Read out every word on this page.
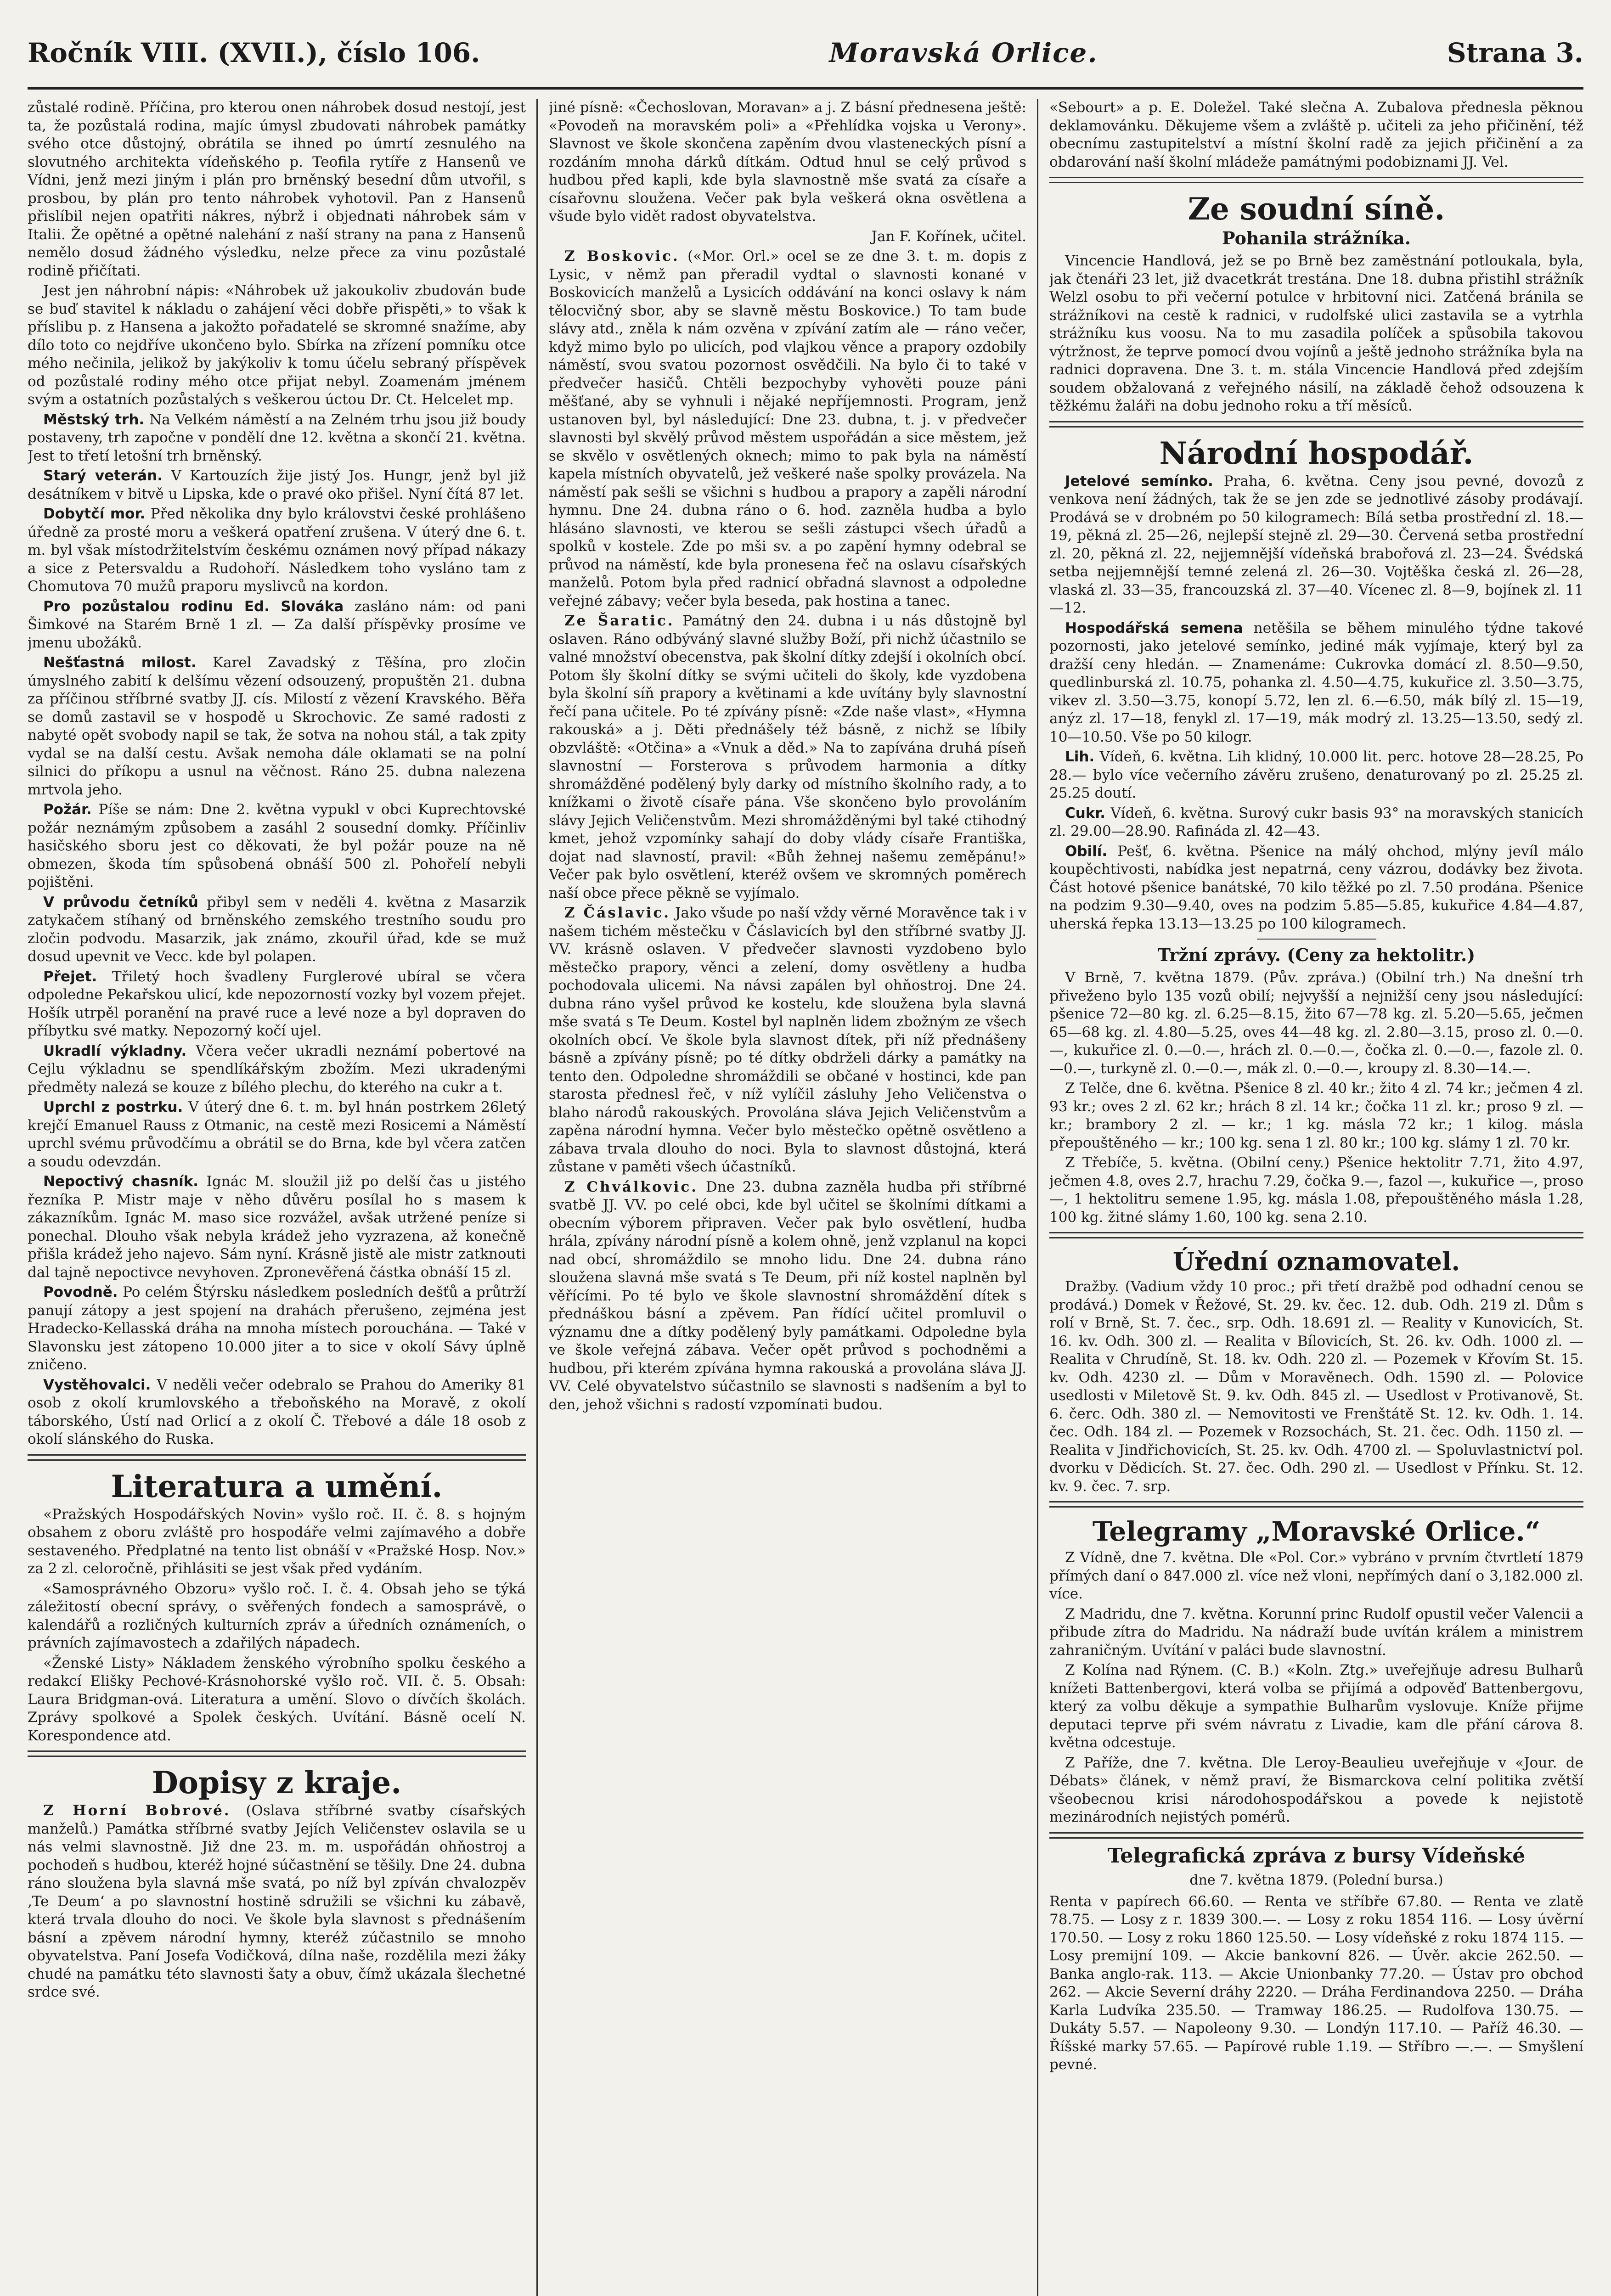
Ročník VIII. (XVII.), číslo 106.	Moravská Orlice.	Strana 3.

zůstalé rodině. Příčina, pro kterou onen náhrobek dosud nestojí, jest ta, že pozůstalá rodina, majíc úmysl zbudovati náhrobek památky svého otce důstojný, obrátila se ihned po úmrtí zesnulého na slovutného architekta vídeňského p. Teofila rytíře z Hansenů ve Vídni, jenž mezi jiným i plán pro brněnský besední dům utvořil, s prosbou, by plán pro tento náhrobek vyhotovil. Pan z Hansenů přislíbil nejen opatřiti nákres, nýbrž i objednati náhrobek sám v Italii. Že opětné a opětné nalehání z naší strany na pana z Hansenů nemělo dosud žádného výsledku, nelze přece za vinu pozůstalé rodině přičítati.

Jest jen náhrobní nápis: «Náhrobek už jakoukoliv zbudován bude se buď stavitel k nákladu o zahájení věci dobře přispěti,» to však k příslibu p. z Hansena a jakožto pořadatelé se skromné snažíme, aby dílo toto co nejdříve ukončeno bylo. Sbírka na zřízení pomníku otce mého nečinila, jelikož by jakýkoliv k tomu účelu sebraný příspěvek od pozůstalé rodiny mého otce přijat nebyl. Zoamenám jménem svým a ostatních pozůstalých s veškerou úctou Dr. Ct. Helcelet mp.

Městský trh. Na Velkém náměstí a na Zelném trhu jsou již boudy postaveny, trh započne v pondělí dne 12. května a skončí 21. května. Jest to třetí letošní trh brněnský.

Starý veterán. V Kartouzích žije jistý Jos. Hungr, jenž byl již desátníkem v bitvě u Lipska, kde o pravé oko přišel. Nyní čítá 87 let.

Dobytčí mor. Před několika dny bylo královstvi české prohlášeno úředně za prosté moru a veškerá opatření zrušena. V úterý dne 6. t. m. byl však místodržitelstvím českému oznámen nový případ nákazy a sice z Petersvaldu a Rudohoří. Následkem toho vysláno tam z Chomutova 70 mužů praporu myslivců na kordon.

Pro pozůstalou rodinu Ed. Slováka zasláno nám: od pani Šimkové na Starém Brně 1 zl. — Za další příspěvky prosíme ve jmenu ubožáků.

Nešťastná milost. Karel Zavadský z Těšína, pro zločin úmyslného zabití k delšímu vězení odsouzený, propuštěn 21. dubna za příčinou stříbrné svatby JJ. cís. Milostí z vězení Kravského. Běřa se domů zastavil se v hospodě u Skrochovic. Ze samé radosti z nabyté opět svobody napil se tak, že sotva na nohou stál, a tak zpity vydal se na další cestu. Avšak nemoha dále oklamati se na polní silnici do příkopu a usnul na věčnost. Ráno 25. dubna nalezena mrtvola jeho.

Požár. Píše se nám: Dne 2. května vypukl v obci Kuprechtovské požár neznámým způsobem a zasáhl 2 sousední domky. Příčinliv hasičského sboru jest co děkovati, že byl požár pouze na ně obmezen, škoda tím spůsobená obnáší 500 zl. Pohořelí nebyli pojištěni.

V průvodu četníků přibyl sem v neděli 4. května z Masarzik zatykačem stíhaný od brněnského zemského trestního soudu pro zločin podvodu. Masarzik, jak známo, zkouřil úřad, kde se muž dosud upevnit ve Vecc. kde byl polapen.

Přejet. Třiletý hoch švadleny Furglerové ubíral se včera odpoledne Pekařskou ulicí, kde nepozorností vozky byl vozem přejet. Hošík utrpěl poranění na pravé ruce a levé noze a byl dopraven do příbytku své matky. Nepozorný kočí ujel.

Ukradlí výkladny. Včera večer ukradli neznámí pobertové na Cejlu výkladnu se spendlíkářským zbožím. Mezi ukradenými předměty nalezá se kouze z bílého plechu, do kterého na cukr a t.

Uprchl z postrku. V úterý dne 6. t. m. byl hnán postrkem 26letý krejčí Emanuel Rauss z Otmanic, na cestě mezi Rosicemi a Náměstí uprchl svému průvodčímu a obrátil se do Brna, kde byl včera zatčen a soudu odevzdán.

Nepoctivý chasník. Ignác M. sloužil již po delší čas u jistého řezníka P. Mistr maje v něho důvěru posílal ho s masem k zákazníkům. Ignác M. maso sice rozvážel, avšak utržené peníze si ponechal. Dlouho však nebyla krádež jeho vyzrazena, až konečně přišla krádež jeho najevo. Sám nyní. Krásně jistě ale mistr zatknouti dal tajně nepoctivce nevyhoven. Zpronevěřená částka obnáší 15 zl.

Povodně. Po celém Štýrsku následkem posledních dešťů a průtrží panují zátopy a jest spojení na drahách přerušeno, zejména jest Hradecko-Kellasská dráha na mnoha místech porouchána. — Také v Slavonsku jest zátopeno 10.000 jiter a to sice v okolí Sávy úplně zničeno.

Vystěhovalci. V neděli večer odebralo se Prahou do Ameriky 81 osob z okolí krumlovského a třeboňského na Moravě, z okolí táborského, Ústí nad Orlicí a z okolí Č. Třebové a dále 18 osob z okolí slánského do Ruska.

Literatura a umění.

«Pražských Hospodářských Novin» vyšlo roč. II. č. 8. s hojným obsahem z oboru zvláště pro hospodáře velmi zajímavého a dobře sestaveného. Předplatné na tento list obnáší v «Pražské Hosp. Nov.» za 2 zl. celoročně, přihlásiti se jest však před vydáním.

«Samosprávného Obzoru» vyšlo roč. I. č. 4. Obsah jeho se týká záležitostí obecní správy, o svěřených fondech a samosprávě, o kalendářů a rozličných kulturních zpráv a úředních oznámeních, o právních zajímavostech a zdařilých nápadech.

«Ženské Listy» Nákladem ženského výrobního spolku českého a redakcí Elišky Pechové-Krásnohorské vyšlo roč. VII. č. 5. Obsah: Laura Bridgman-ová. Literatura a umění. Slovo o dívčích školách. Zprávy spolkové a Spolek českých. Uvítání. Básně ocelí N. Korespondence atd.

Dopisy z kraje.

Z Horní Bobrové. (Oslava stříbrné svatby císařských manželů.) Památka stříbrné svatby Jejích Veličenstev oslavila se u nás velmi slavnostně. Již dne 23. m. m. uspořádán ohňostroj a pochodeň s hudbou, kteréž hojné súčastnění se těšily. Dne 24. dubna ráno sloužena byla slavná mše svatá, po níž byl zpíván chvalozpěv ‚Te Deum‘ a po slavnostní hostině sdružili se všichni ku zábavě, která trvala dlouho do noci. Ve škole byla slavnost s přednášením básní a zpěvem národní hymny, kteréž zúčastnilo se mnoho obyvatelstva. Paní Josefa Vodičková, dílna naše, rozdělila mezi žáky chudé na památku této slavnosti šaty a obuv, čímž ukázala šlechetné srdce své.

jiné písně: «Čechoslovan, Moravan» a j. Z básní přednesena ještě: «Povodeň na moravském poli» a «Přehlídka vojska u Verony». Slavnost ve škole skončena zapěním dvou vlasteneckých písní a rozdáním mnoha dárků dítkám. Odtud hnul se celý průvod s hudbou před kapli, kde byla slavnostně mše svatá za císaře a císařovnu sloužena. Večer pak byla veškerá okna osvětlena a všude bylo vidět radost obyvatelstva.

Jan F. Kořínek, učitel.

Z Boskovic. («Mor. Orl.» ocel se ze dne 3. t. m. dopis z Lysic, v němž pan přeradil vydtal o slavnosti konané v Boskovicích manželů a Lysicích oddávání na konci oslavy k nám tělocvičný sbor, aby se slavně městu Boskovice.) To tam bude slávy atd., zněla k nám ozvěna v zpívání zatím ale — ráno večer, když mimo bylo po ulicích, pod vlajkou věnce a prapory ozdobily náměstí, svou svatou pozornost osvědčili. Na bylo či to také v předvečer hasičů. Chtěli bezpochyby vyhověti pouze páni měšťané, aby se vyhnuli i nějaké nepříjemnosti. Program, jenž ustanoven byl, byl následující: Dne 23. dubna, t. j. v předvečer slavnosti byl skvělý průvod městem uspořádán a sice městem, jež se skvělo v osvětlených oknech; mimo to pak byla na náměstí kapela místních obyvatelů, jež veškeré naše spolky provázela. Na náměstí pak sešli se všichni s hudbou a prapory a zapěli národní hymnu. Dne 24. dubna ráno o 6. hod. zazněla hudba a bylo hlásáno slavnosti, ve kterou se sešli zástupci všech úřadů a spolků v kostele. Zde po mši sv. a po zapění hymny odebral se průvod na náměstí, kde byla pronesena řeč na oslavu císařských manželů. Potom byla před radnicí obřadná slavnost a odpoledne veřejné zábavy; večer byla beseda, pak hostina a tanec.

Ze Šaratic. Památný den 24. dubna i u nás důstojně byl oslaven. Ráno odbýváný slavné služby Boží, při nichž účastnilo se valné množství obecenstva, pak školní dítky zdejší i okolních obcí. Potom šly školní dítky se svými učiteli do školy, kde vyzdobena byla školní síň prapory a květinami a kde uvítány byly slavnostní řečí pana učitele. Po té zpívány písně: «Zde naše vlast», «Hymna rakouská» a j. Děti přednášely též básně, z nichž se líbily obzvláště: «Otčina» a «Vnuk a děd.» Na to zapívána druhá píseň slavnostní — Forsterova s průvodem harmonia a dítky shromážděné podělený byly darky od místního školního rady, a to knížkami o životě císaře pána. Vše skončeno bylo provoláním slávy Jejich Veličenstvům. Mezi shromážděnými byl také ctihodný kmet, jehož vzpomínky sahají do doby vlády císaře Františka, dojat nad slavností, pravil: «Bůh žehnej našemu zeměpánu!» Večer pak bylo osvětlení, kteréž ovšem ve skromných poměrech naší obce přece pěkně se vyjímalo.

Z Čáslavic. Jako všude po naší vždy věrné Moravěnce tak i v našem tichém městečku v Čáslavicích byl den stříbrné svatby JJ. VV. krásně oslaven. V předvečer slavnosti vyzdobeno bylo městečko prapory, věnci a zelení, domy osvětleny a hudba pochodovala ulicemi. Na návsi zapálen byl ohňostroj. Dne 24. dubna ráno vyšel průvod ke kostelu, kde sloužena byla slavná mše svatá s Te Deum. Kostel byl naplněn lidem zbožným ze všech okolních obcí. Ve škole byla slavnost dítek, při níž přednášeny básně a zpívány písně; po té dítky obdrželi dárky a památky na tento den. Odpoledne shromáždili se občané v hostinci, kde pan starosta přednesl řeč, v níž vylíčil zásluhy Jeho Veličenstva o blaho národů rakouských. Provolána sláva Jejich Veličenstvům a zapěna národní hymna. Večer bylo městečko opětně osvětleno a zábava trvala dlouho do noci. Byla to slavnost důstojná, která zůstane v paměti všech účastníků.

Z Chválkovic. Dne 23. dubna zazněla hudba při stříbrné svatbě JJ. VV. po celé obci, kde byl učitel se školními dítkami a obecním výborem připraven. Večer pak bylo osvětlení, hudba hrála, zpívány národní písně a kolem ohně, jenž vzplanul na kopci nad obcí, shromáždilo se mnoho lidu. Dne 24. dubna ráno sloužena slavná mše svatá s Te Deum, při níž kostel naplněn byl věřícími. Po té bylo ve škole slavnostní shromáždění dítek s přednáškou básní a zpěvem. Pan řídící učitel promluvil o významu dne a dítky podělený byly památkami. Odpoledne byla ve škole veřejná zábava. Večer opět průvod s pochodněmi a hudbou, při kterém zpívána hymna rakouská a provolána sláva JJ. VV. Celé obyvatelstvo súčastnilo se slavnosti s nadšením a byl to den, jehož všichni s radostí vzpomínati budou.

«Sebourt» a p. E. Doležel. Také slečna A. Zubalova přednesla pěknou deklamovánku. Děkujeme všem a zvláště p. učiteli za jeho přičinění, též obecnímu zastupitelství a místní školní radě za jejich přičinění a za obdarování naší školní mládeže památnými podobiznami JJ. Vel.

Ze soudní síně.
Pohanila strážníka.

Vincencie Handlová, jež se po Brně bez zaměstnání potloukala, byla, jak čtenáři 23 let, již dvacetkrát trestána. Dne 18. dubna přistihl strážník Welzl osobu to při večerní potulce v hrbitovní nici. Zatčená bránila se strážníkovi na cestě k radnici, v rudolfské ulici zastavila se a vytrhla strážníku kus voosu. Na to mu zasadila políček a spůsobila takovou výtržnost, že teprve pomocí dvou vojínů a ještě jednoho strážníka byla na radnici dopravena. Dne 3. t. m. stála Vincencie Handlová před zdejším soudem obžalovaná z veřejného násilí, na základě čehož odsouzena k těžkému žaláři na dobu jednoho roku a tří měsíců.

Národní hospodář.

Jetelové semínko. Praha, 6. května. Ceny jsou pevné, dovozů z venkova není žádných, tak že se jen zde se jednotlivé zásoby prodávají. Prodává se v drobném po 50 kilogramech: Bílá setba prostřední zl. 18.—19, pěkná zl. 25—26, nejlepší stejně zl. 29—30. Červená setba prostřední zl. 20, pěkná zl. 22, nejjemnější vídeňská brabořová zl. 23—24. Švédská setba nejjemnější temné zelená zl. 26—30. Vojtěška česká zl. 26—28, vlaská zl. 33—35, francouzská zl. 37—40. Vícenec zl. 8—9, bojínek zl. 11—12.

Hospodářská semena netěšila se během minulého týdne takové pozornosti, jako jetelové semínko, jediné mák vyjímaje, který byl za dražší ceny hledán. — Znamenáme: Cukrovka domácí zl. 8.50—9.50, quedlinburská zl. 10.75, pohanka zl. 4.50—4.75, kukuřice zl. 3.50—3.75, vikev zl. 3.50—3.75, konopí 5.72, len zl. 6.—6.50, mák bílý zl. 15—19, anýz zl. 17—18, fenykl zl. 17—19, mák modrý zl. 13.25—13.50, sedý zl. 10—10.50. Vše po 50 kilogr.

Lih. Vídeň, 6. května. Lih klidný, 10.000 lit. perc. hotove 28—28.25, Po 28.— bylo více večerního závěru zrušeno, denaturovaný po zl. 25.25 zl. 25.25 doutí.

Cukr. Vídeň, 6. května. Surový cukr basis 93° na moravských stanicích zl. 29.00—28.90. Rafináda zl. 42—43.

Obilí. Pešť, 6. května. Pšenice na málý ohchod, mlýny jevíl málo koupěchtivosti, nabídka jest nepatrná, ceny vázrou, dodávky bez života. Část hotové pšenice banátské, 70 kilo těžké po zl. 7.50 prodána. Pšenice na podzim 9.30—9.40, oves na podzim 5.85—5.85, kukuřice 4.84—4.87, uherská řepka 13.13—13.25 po 100 kilogramech.

Tržní zprávy. (Ceny za hektolitr.)

V Brně, 7. května 1879. (Pův. zpráva.) (Obilní trh.) Na dnešní trh přiveženo bylo 135 vozů obilí; nejvyšší a nejnižší ceny jsou následující: pšenice 72—80 kg. zl. 6.25—8.15, žito 67—78 kg. zl. 5.20—5.65, ječmen 65—68 kg. zl. 4.80—5.25, oves 44—48 kg. zl. 2.80—3.15, proso zl. 0.—0.—, kukuřice zl. 0.—0.—, hrách zl. 0.—0.—, čočka zl. 0.—0.—, fazole zl. 0.—0.—, turkyně zl. 0.—0.—, mák zl. 0.—0.—, kroupy zl. 8.30—14.—.

Z Telče, dne 6. května. Pšenice 8 zl. 40 kr.; žito 4 zl. 74 kr.; ječmen 4 zl. 93 kr.; oves 2 zl. 62 kr.; hrách 8 zl. 14 kr.; čočka 11 zl. kr.; proso 9 zl. — kr.; brambory 2 zl. — kr.; 1 kg. másla 72 kr.; 1 kilog. másla přepouštěného — kr.; 100 kg. sena 1 zl. 80 kr.; 100 kg. slámy 1 zl. 70 kr.

Z Třebíče, 5. května. (Obilní ceny.) Pšenice hektolitr 7.71, žito 4.97, ječmen 4.8, oves 2.7, hrachu 7.29, čočka 9.—, fazol —, kukuřice —, proso —, 1 hektolitru semene 1.95, kg. másla 1.08, přepouštěného másla 1.28, 100 kg. žitné slámy 1.60, 100 kg. sena 2.10.

Úřední oznamovatel.

Dražby. (Vadium vždy 10 proc.; při třetí dražbě pod odhadní cenou se prodává.) Domek v Řežové, St. 29. kv. čec. 12. dub. Odh. 219 zl. Dům s rolí v Brně, St. 7. čec., srp. Odh. 18.691 zl. — Reality v Kunovicích, St. 16. kv. Odh. 300 zl. — Realita v Bílovicích, St. 26. kv. Odh. 1000 zl. — Realita v Chrudíně, St. 18. kv. Odh. 220 zl. — Pozemek v Křovím St. 15. kv. Odh. 4230 zl. — Dům v Moravěnech. Odh. 1590 zl. — Polovice usedlosti v Miletově St. 9. kv. Odh. 845 zl. — Usedlost v Protivanově, St. 6. čerc. Odh. 380 zl. — Nemovitosti ve Frenštátě St. 12. kv. Odh. 1. 14. čec. Odh. 184 zl. — Pozemek v Rozsochách, St. 21. čec. Odh. 1150 zl. — Realita v Jindřichovicích, St. 25. kv. Odh. 4700 zl. — Spoluvlastnictví pol. dvorku v Dědicích. St. 27. čec. Odh. 290 zl. — Usedlost v Přínku. St. 12. kv. 9. čec. 7. srp.

Telegramy „Moravské Orlice.“

Z Vídně, dne 7. května. Dle «Pol. Cor.» vybráno v prvním čtvrtletí 1879 přímých daní o 847.000 zl. více než vloni, nepřímých daní o 3,182.000 zl. více.

Z Madridu, dne 7. května. Korunní princ Rudolf opustil večer Valencii a přibude zítra do Madridu. Na nádraží bude uvítán králem a ministrem zahraničným. Uvítání v paláci bude slavnostní.

Z Kolína nad Rýnem. (C. B.) «Koln. Ztg.» uveřejňuje adresu Bulharů knížeti Battenbergovi, která volba se přijímá a odpověď Battenbergovu, který za volbu děkuje a sympathie Bulharům vyslovuje. Kníže přijme deputaci teprve při svém návratu z Livadie, kam dle přání cárova 8. května odcestuje.

Z Paříže, dne 7. května. Dle Leroy-Beaulieu uveřejňuje v «Jour. de Débats» článek, v němž praví, že Bismarckova celní politika zvětší všeobecnou krisi národohospodářskou a povede k nejistotě mezinárodních nejistých pomérů.

Telegrafická zpráva z bursy Vídeňské
dne 7. května 1879. (Polední bursa.)

Renta v papírech 66.60. — Renta ve stříbře 67.80. — Renta ve zlatě 78.75. — Losy z r. 1839 300.—. — Losy z roku 1854 116. — Losy úvěrní 170.50. — Losy z roku 1860 125.50. — Losy vídeňské z roku 1874 115. — Losy premijní 109. — Akcie bankovní 826. — Úvěr. akcie 262.50. — Banka anglo-rak. 113. — Akcie Unionbanky 77.20. — Ústav pro obchod 262. — Akcie Severní dráhy 2220. — Dráha Ferdinandova 2250. — Dráha Karla Ludvíka 235.50. — Tramway 186.25. — Rudolfova 130.75. — Dukáty 5.57. — Napoleony 9.30. — Londýn 117.10. — Paříž 46.30. — Říšské marky 57.65. — Papírové ruble 1.19. — Stříbro —.—. — Smyšlení pevné.
